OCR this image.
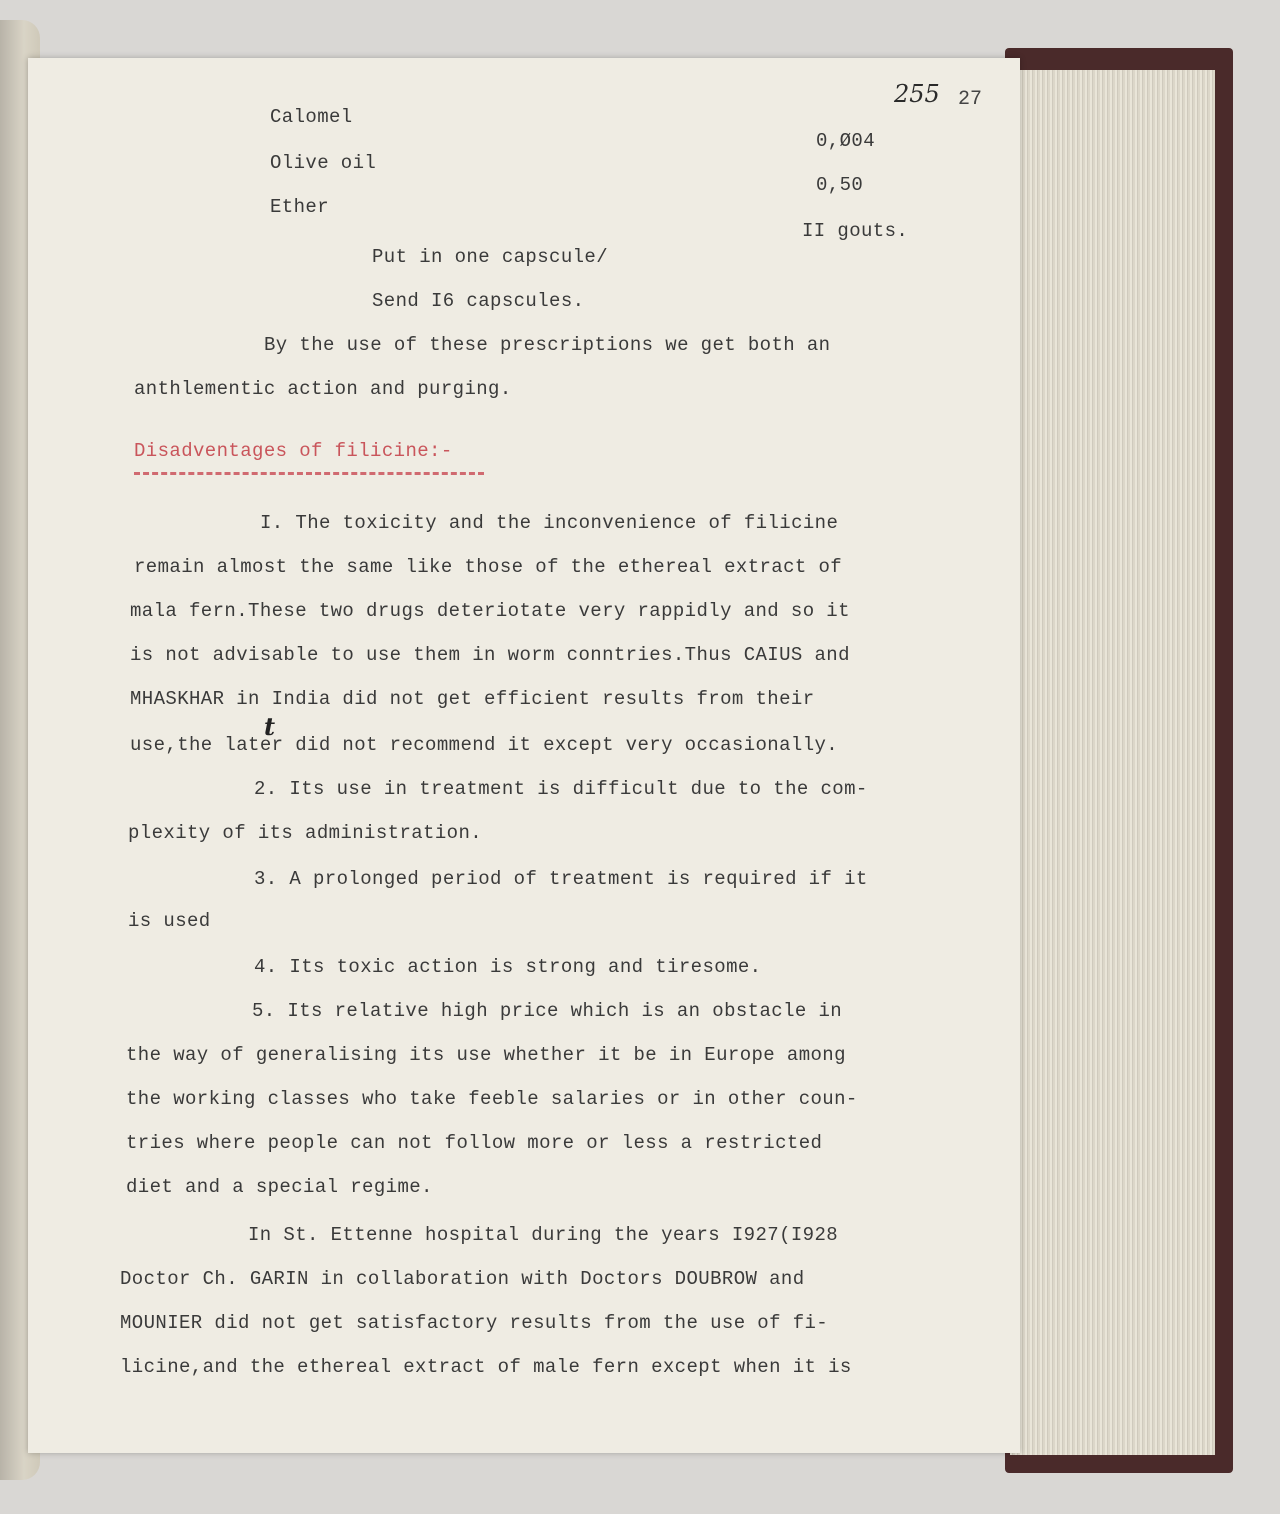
255 27
Calomel
0,Ø04
Olive oil
0,50
Ether
II gouts.
Put in one capscule/
Send I6 capscules.
By the use of these prescriptions we get both an
anthlementic action and purging.
Disadventages of filicine:-
I. The toxicity and the inconvenience of filicine
remain almost the same like those of the ethereal extract of
mala fern.These two drugs deteriotate very rappidly and so it
is not advisable to use them in worm conntries.Thus CAIUS and
MHASKHAR in India did not get efficient results from their
t
use,the later did not recommend it except very occasionally.
2. Its use in treatment is difficult due to the com-
plexity of its administration.
3. A prolonged period of treatment is required if it
is used
4. Its toxic action is strong and tiresome.
5. Its relative high price which is an obstacle in
the way of generalising its use whether it be in Europe among
the working classes who take feeble salaries or in other coun-
tries where people can not follow more or less a restricted
diet and a special regime.
In St. Ettenne hospital during the years I927(I928
Doctor Ch. GARIN in collaboration with Doctors DOUBROW and
MOUNIER did not get satisfactory results from the use of fi-
licine,and the ethereal extract of male fern except when it is
